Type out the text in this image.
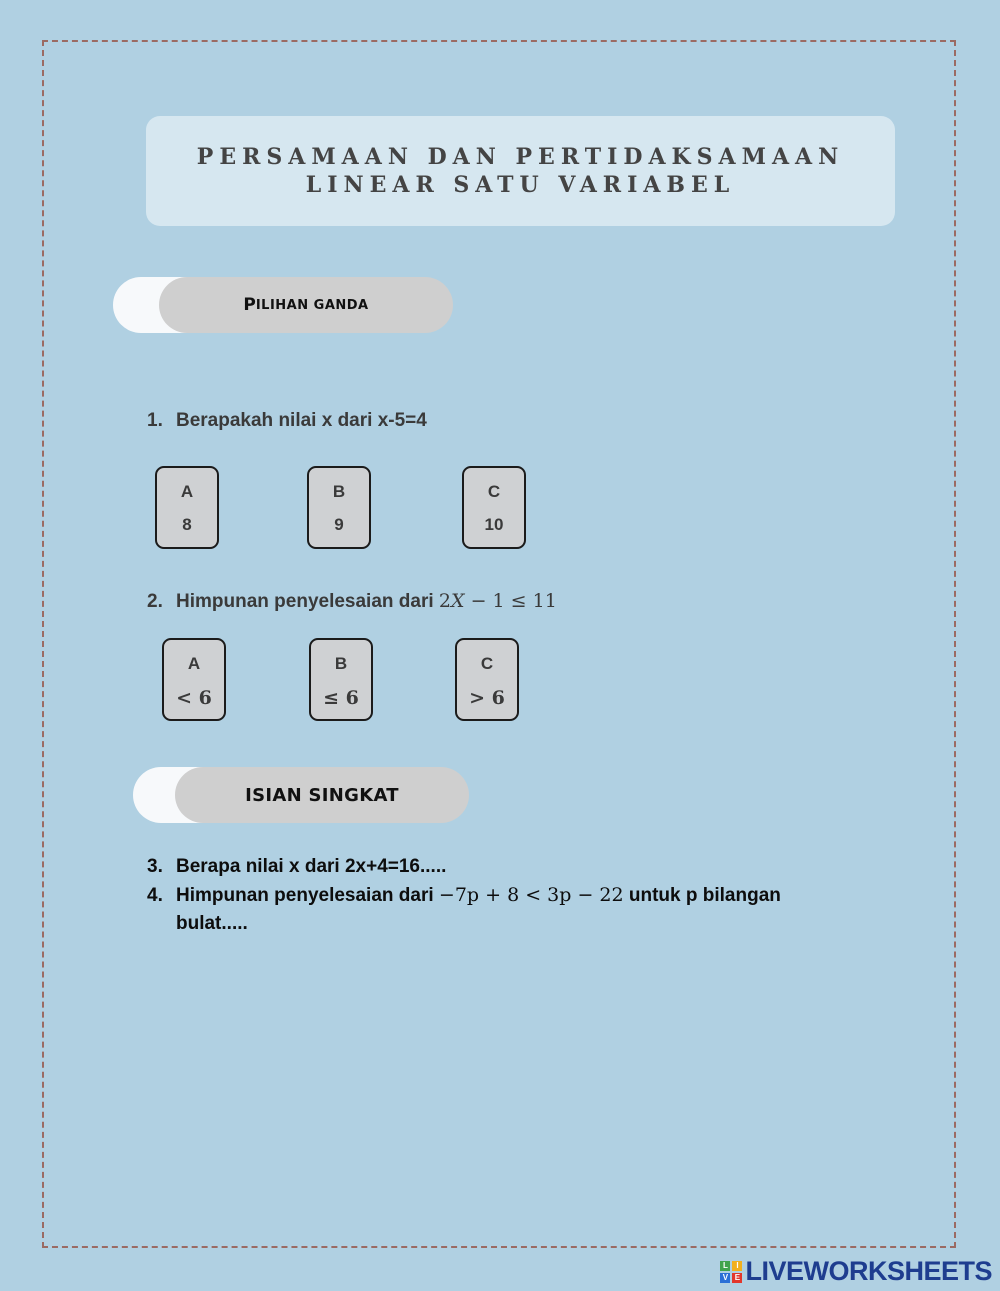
PERSAMAAN DAN PERTIDAKSAMAAN
LINEAR SATU VARIABEL
P ILIHAN GANDA
1. Berapakah nilai x dari x-5=4
A
8
B
9
C
10
2. Himpunan penyelesaian dari 2X − 1 ≤ 11
A
< 6
B
≤ 6
C
> 6
ISIAN SINGKAT
3. Berapa nilai x dari 2x+4=16.....
4. Himpunan penyelesaian dari −7p + 8 < 3p − 22 untuk p bilangan
bulat.....
L	I
V E LIVEWORKSHEETS
